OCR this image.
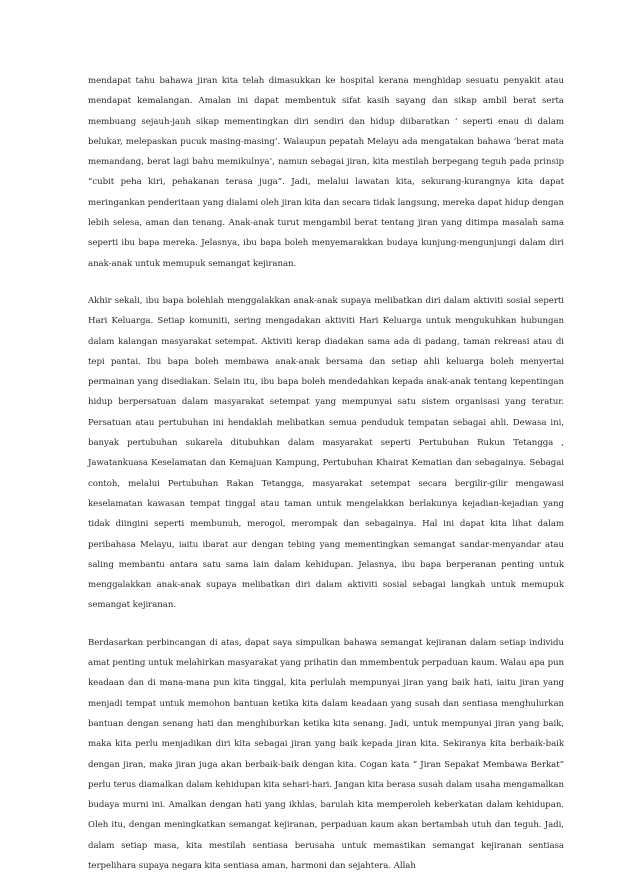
mendapat tahu bahawa jiran kita telah dimasukkan ke hospital kerana menghidap sesuatu penyakit atau mendapat kemalangan. Amalan ini dapat membentuk sifat kasih sayang dan sikap ambil berat serta membuang sejauh-jauh sikap mementingkan diri sendiri dan hidup diibaratkan ‘ seperti enau di dalam belukar, melepaskan pucuk masing-masing’. Walaupun pepatah Melayu ada mengatakan bahawa ‘berat mata memandang, berat lagi bahu memikulnya’, namun sebagai jiran, kita mestilah berpegang teguh pada prinsip “cubit peha kiri, pehakanan terasa juga”. Jadi, melalui lawatan kita, sekurang-kurangnya kita dapat meringankan penderitaan yang dialami oleh jiran kita dan secara tidak langsung, mereka dapat hidup dengan lebih selesa, aman dan tenang. Anak-anak turut mengambil berat tentang jiran yang ditimpa masalah sama seperti ibu bapa mereka. Jelasnya, ibu bapa boleh menyemarakkan budaya kunjung-mengunjungi dalam diri anak-anak untuk memupuk semangat kejiranan.

Akhir sekali, ibu bapa bolehlah menggalakkan anak-anak supaya melibatkan diri dalam aktiviti sosial seperti Hari Keluarga. Setiap komuniti, sering mengadakan aktiviti Hari Keluarga untuk mengukuhkan hubungan dalam kalangan masyarakat setempat. Aktiviti kerap diadakan sama ada di padang, taman rekreasi atau di tepi pantai. Ibu bapa boleh membawa anak-anak bersama dan setiap ahli keluarga boleh menyertai permainan yang disediakan. Selain itu, ibu bapa boleh mendedahkan kepada anak-anak tentang kepentingan hidup berpersatuan dalam masyarakat setempat yang mempunyai satu sistem organisasi yang teratur. Persatuan atau pertubuhan ini hendaklah melibatkan semua penduduk tempatan sebagai ahli. Dewasa ini, banyak pertubuhan sukarela ditubuhkan dalam masyarakat seperti Pertubuhan Rukun Tetangga , Jawatankuasa Keselamatan dan Kemajuan Kampung, Pertubuhan Khairat Kematian dan sebagainya. Sebagai contoh, melalui Pertubuhan Rakan Tetangga, masyarakat setempat secara bergilir-gilir mengawasi keselamatan kawasan tempat tinggal atau taman untuk mengelakkan berlakunya kejadian-kejadian yang tidak diingini seperti membunuh, merogol, merompak dan sebagainya. Hal ini dapat kita lihat dalam peribahasa Melayu, iaitu ibarat aur dengan tebing yang mementingkan semangat sandar-menyandar atau saling membantu antara satu sama lain dalam kehidupan. Jelasnya, ibu bapa berperanan penting untuk menggalakkan anak-anak supaya melibatkan diri dalam aktiviti sosial sebagai langkah untuk memupuk semangat kejiranan.

Berdasarkan perbincangan di atas, dapat saya simpulkan bahawa semangat kejiranan dalam setiap individu amat penting untuk melahirkan masyarakat yang prihatin dan mmembentuk perpaduan kaum. Walau apa pun keadaan dan di mana-mana pun kita tinggal, kita perlulah mempunyai jiran yang baik hati, iaitu jiran yang menjadi tempat untuk memohon bantuan ketika kita dalam keadaan yang susah dan sentiasa menghulurkan bantuan dengan senang hati dan menghiburkan ketika kita senang. Jadi, untuk mempunyai jiran yang baik, maka kita perlu menjadikan diri kita sebagai jiran yang baik kepada jiran kita. Sekiranya kita berbaik-baik dengan jiran, maka jiran juga akan berbaik-baik dengan kita. Cogan kata “ Jiran Sepakat Membawa Berkat” perlu terus diamalkan dalam kehidupan kita sehari-hari. Jangan kita berasa susah dalam usaha mengamalkan budaya murni ini. Amalkan dengan hati yang ikhlas, barulah kita memperoleh keberkatan dalam kehidupan. Oleh itu, dengan meningkatkan semangat kejiranan, perpaduan kaum akan bertambah utuh dan teguh. Jadi, dalam setiap masa, kita mestilah sentiasa berusaha untuk memastikan semangat kejiranan sentiasa terpelihara supaya negara kita sentiasa aman, harmoni dan sejahtera. Allah
